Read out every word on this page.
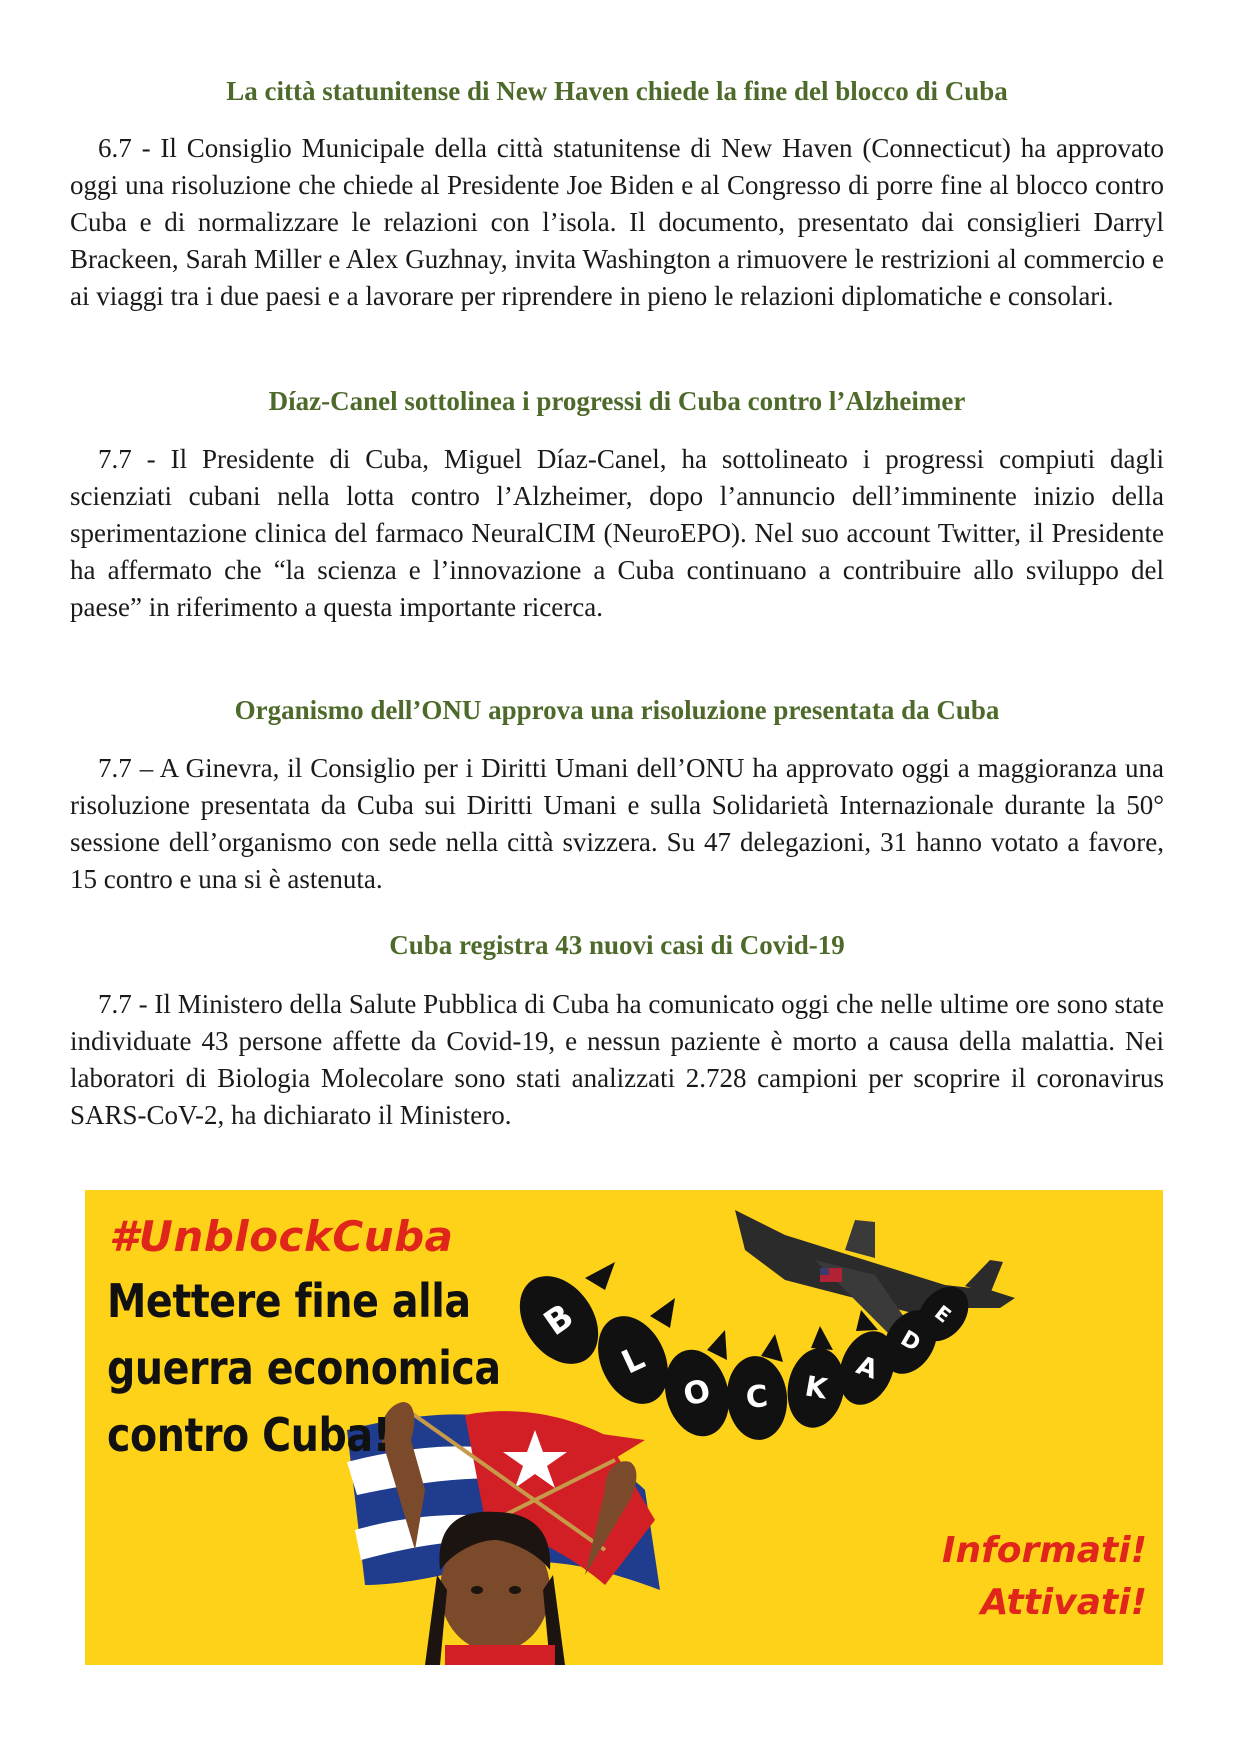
La città statunitense di New Haven chiede la fine del blocco di Cuba

6.7 - Il Consiglio Municipale della città statunitense di New Haven (Connecticut) ha approvato oggi una risoluzione che chiede al Presidente Joe Biden e al Congresso di porre fine al blocco contro Cuba e di normalizzare le relazioni con l’isola. Il documento, presentato dai consiglieri Darryl Brackeen, Sarah Miller e Alex Guzhnay, invita Washington a rimuovere le restrizioni al commercio e ai viaggi tra i due paesi e a lavorare per riprendere in pieno le relazioni diplomatiche e consolari.

Díaz-Canel sottolinea i progressi di Cuba contro l’Alzheimer

7.7 - Il Presidente di Cuba, Miguel Díaz-Canel, ha sottolineato i progressi compiuti dagli scienziati cubani nella lotta contro l’Alzheimer, dopo l’annuncio dell’imminente inizio della sperimentazione clinica del farmaco NeuralCIM (NeuroEPO). Nel suo account Twitter, il Presidente ha affermato che “la scienza e l’innovazione a Cuba continuano a contribuire allo sviluppo del paese” in riferimento a questa importante ricerca.

Organismo dell’ONU approva una risoluzione presentata da Cuba

7.7 – A Ginevra, il Consiglio per i Diritti Umani dell’ONU ha approvato oggi a maggioranza una risoluzione presentata da Cuba sui Diritti Umani e sulla Solidarietà Internazionale durante la 50° sessione dell’organismo con sede nella città svizzera. Su 47 delegazioni, 31 hanno votato a favore, 15 contro e una si è astenuta.

Cuba registra 43 nuovi casi di Covid-19

7.7 - Il Ministero della Salute Pubblica di Cuba ha comunicato oggi che nelle ultime ore sono state individuate 43 persone affette da Covid-19, e nessun paziente è morto a causa della malattia. Nei laboratori di Biologia Molecolare sono stati analizzati 2.728 campioni per scoprire il coronavirus SARS-CoV-2, ha dichiarato il Ministero.

B
L
O	C	K
A
D
E
#UnblockCuba
Mettere fine alla
guerra economica
contro Cuba!
Informati!
Attivati!
